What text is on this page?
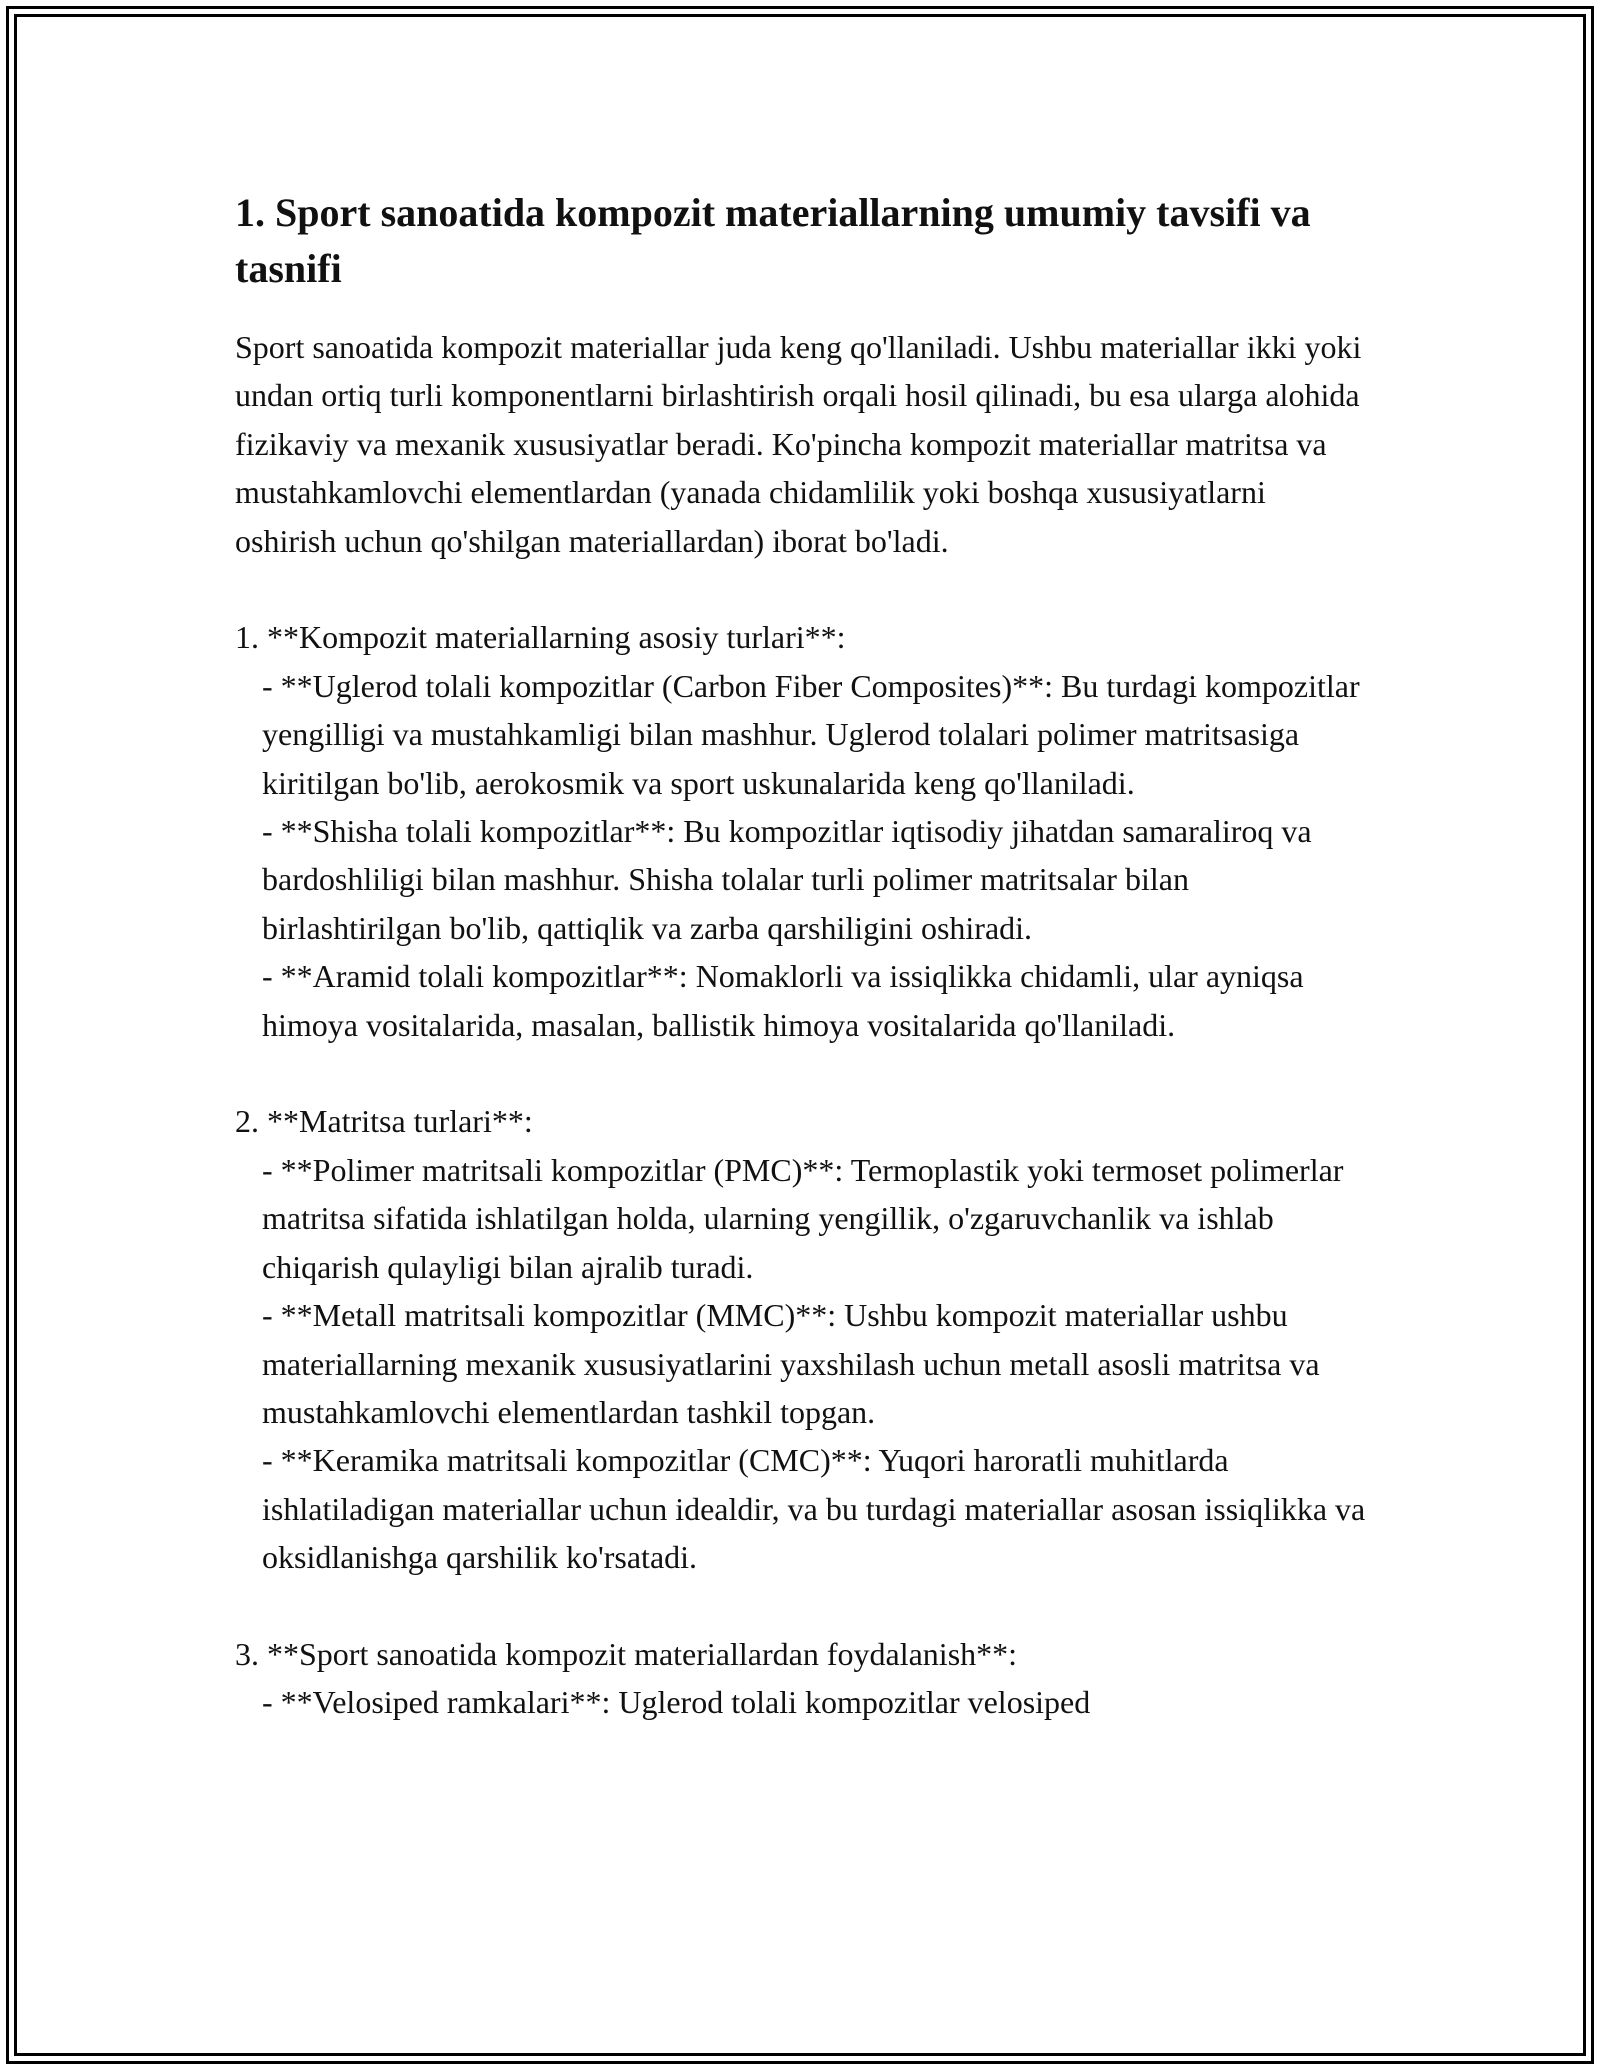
1. Sport sanoatida kompozit materiallarning umumiy tavsifi va tasnifi

Sport sanoatida kompozit materiallar juda keng qo'llaniladi. Ushbu materiallar ikki yoki undan ortiq turli komponentlarni birlashtirish orqali hosil qilinadi, bu esa ularga alohida fizikaviy va mexanik xususiyatlar beradi. Ko'pincha kompozit materiallar matritsa va mustahkamlovchi elementlardan (yanada chidamlilik yoki boshqa xususiyatlarni oshirish uchun qo'shilgan materiallardan) iborat bo'ladi.

1. **Kompozit materiallarning asosiy turlari**:
- **Uglerod tolali kompozitlar (Carbon Fiber Composites)**: Bu turdagi kompozitlar yengilligi va mustahkamligi bilan mashhur. Uglerod tolalari polimer matritsasiga kiritilgan bo'lib, aerokosmik va sport uskunalarida keng qo'llaniladi.
- **Shisha tolali kompozitlar**: Bu kompozitlar iqtisodiy jihatdan samaraliroq va bardoshliligi bilan mashhur. Shisha tolalar turli polimer matritsalar bilan birlashtirilgan bo'lib, qattiqlik va zarba qarshiligini oshiradi.
- **Aramid tolali kompozitlar**: Nomaklorli va issiqlikka chidamli, ular ayniqsa himoya vositalarida, masalan, ballistik himoya vositalarida qo'llaniladi.
2. **Matritsa turlari**:
- **Polimer matritsali kompozitlar (PMC)**: Termoplastik yoki termoset polimerlar matritsa sifatida ishlatilgan holda, ularning yengillik, o'zgaruvchanlik va ishlab chiqarish qulayligi bilan ajralib turadi.
- **Metall matritsali kompozitlar (MMC)**: Ushbu kompozit materiallar ushbu materiallarning mexanik xususiyatlarini yaxshilash uchun metall asosli matritsa va mustahkamlovchi elementlardan tashkil topgan.
- **Keramika matritsali kompozitlar (CMC)**: Yuqori haroratli muhitlarda ishlatiladigan materiallar uchun idealdir, va bu turdagi materiallar asosan issiqlikka va oksidlanishga qarshilik ko'rsatadi.
3. **Sport sanoatida kompozit materiallardan foydalanish**:
- **Velosiped ramkalari**: Uglerod tolali kompozitlar velosiped
